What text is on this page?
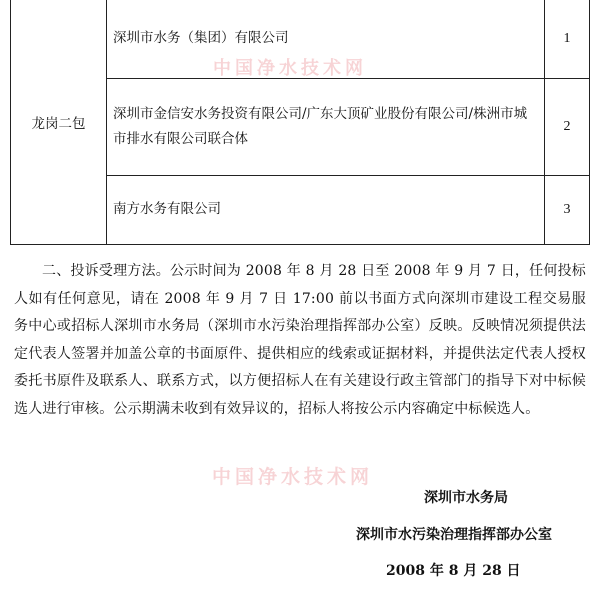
龙岗二包	深圳市水务（集团）有限公司	1
	深圳市金信安水务投资有限公司/广东大顶矿业股份有限公司/株洲市城市排水有限公司联合体	2
	南方水务有限公司	3

中国净水技术网

二、投诉受理方法。公示时间为 2008 年 8 月 28 日至 2008 年 9 月 7 日，任何投标人如有任何意见，请在 2008 年 9 月 7 日 17:00 前以书面方式向深圳市建设工程交易服务中心或招标人深圳市水务局（深圳市水污染治理指挥部办公室）反映。反映情况须提供法定代表人签署并加盖公章的书面原件、提供相应的线索或证据材料，并提供法定代表人授权委托书原件及联系人、联系方式，以方便招标人在有关建设行政主管部门的指导下对中标候选人进行审核。公示期满未收到有效异议的，招标人将按公示内容确定中标候选人。

中国净水技术网

深圳市水务局

深圳市水污染治理指挥部办公室

2008 年 8 月 28 日
